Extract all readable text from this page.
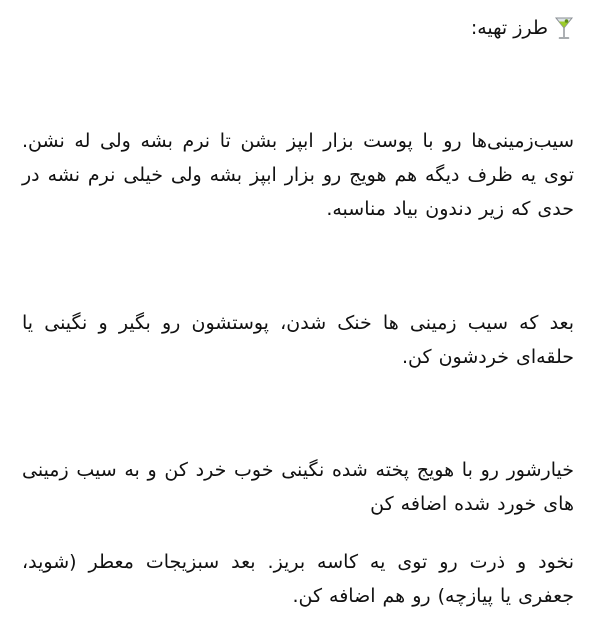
طرز تهیه:

سیب‌زمینی‌ها رو با پوست بزار ابپز بشن تا نرم بشه ولی له نشن. توی یه ظرف دیگه هم هویج رو بزار ابپز بشه ولی خیلی نرم نشه در حدی که زیر دندون بیاد مناسبه.

بعد که سیب زمینی ها خنک شدن، پوستشون رو بگیر و نگینی یا حلقه‌ای خردشون کن.

خیارشور رو با هویج پخته شده نگینی خوب خرد کن و به سیب زمینی های خورد شده اضافه کن

نخود و ذرت رو توی یه کاسه بریز. بعد سبزیجات معطر (شوید، جعفری یا پیازچه) رو هم اضافه کن.
